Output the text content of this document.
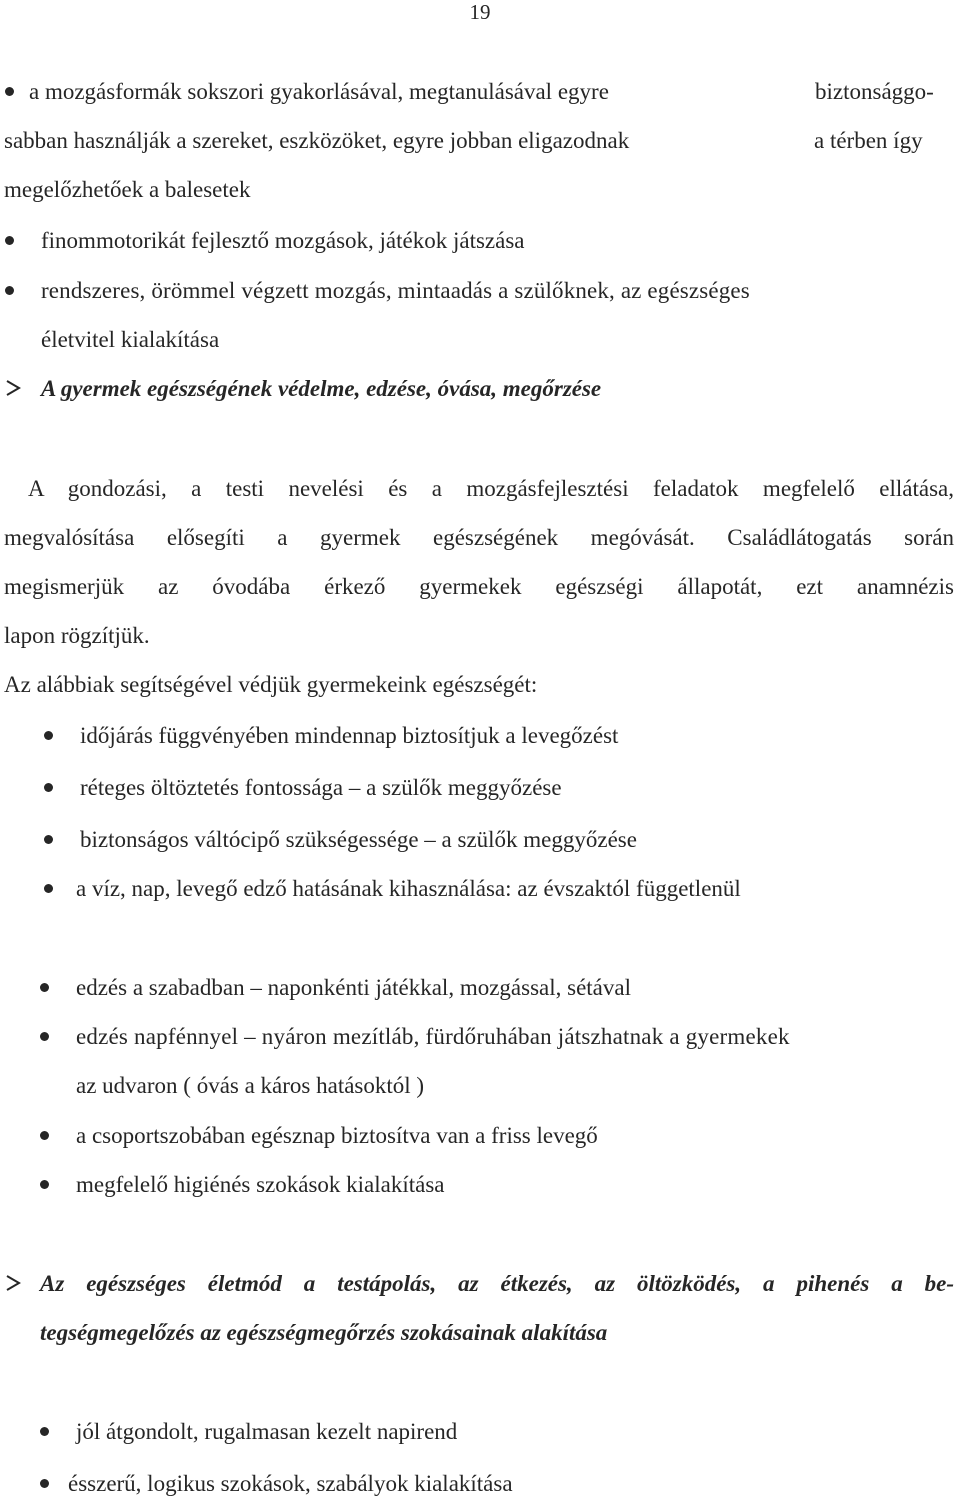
19
a mozgásformák sokszori gyakorlásával, megtanulásával egyre	biztonsággo-
sabban használják a szereket, eszközöket, egyre jobban eligazodnak	a térben így
megelőzhetőek a balesetek
finommotorikát fejlesztő mozgások, játékok játszása
rendszeres, örömmel végzett mozgás, mintaadás a szülőknek, az egészséges
életvitel kialakítása
A gyermek egészségének védelme, edzése, óvása, megőrzése
A gondozási, a testi nevelési és a mozgásfejlesztési feladatok megfelelő ellátása,
megvalósítása elősegíti a gyermek egészségének megóvását. Családlátogatás során
megismerjük az óvodába érkező gyermekek egészségi állapotát, ezt anamnézis
lapon rögzítjük.
Az alábbiak segítségével védjük gyermekeink egészségét:
időjárás függvényében mindennap biztosítjuk a levegőzést
réteges öltöztetés fontossága – a szülők meggyőzése
biztonságos váltócipő szükségessége – a szülők meggyőzése
a víz, nap, levegő edző hatásának kihasználása: az évszaktól függetlenül
edzés a szabadban – naponkénti játékkal, mozgással, sétával
edzés napfénnyel – nyáron mezítláb, fürdőruhában játszhatnak a gyermekek
az udvaron ( óvás a káros hatásoktól )
a csoportszobában egésznap biztosítva van a friss levegő
megfelelő higiénés szokások kialakítása
Az egészséges életmód a testápolás, az étkezés, az öltözködés, a pihenés a be-
tegségmegelőzés az egészségmegőrzés szokásainak alakítása
jól átgondolt, rugalmasan kezelt napirend
ésszerű, logikus szokások, szabályok kialakítása
